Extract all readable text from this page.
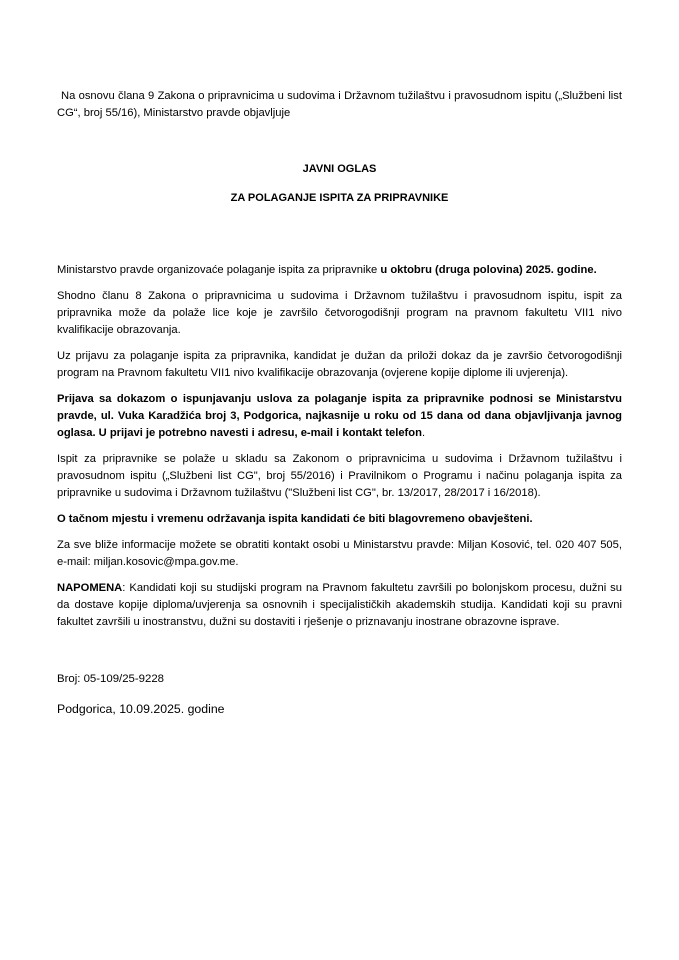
Na osnovu člana 9 Zakona o pripravnicima u sudovima i Državnom tužilaštvu i pravosudnom ispitu („Službeni list CG“, broj 55/16), Ministarstvo pravde objavljuje

JAVNI OGLAS

ZA POLAGANJE ISPITA ZA PRIPRAVNIKE

Ministarstvo pravde organizovaće polaganje ispita za pripravnike u oktobru (druga polovina) 2025. godine.

Shodno članu 8 Zakona o pripravnicima u sudovima i Državnom tužilaštvu i pravosudnom ispitu, ispit za pripravnika može da polaže lice koje je završilo četvorogodišnji program na pravnom fakultetu VII1 nivo kvalifikacije obrazovanja.

Uz prijavu za polaganje ispita za pripravnika, kandidat je dužan da priloži dokaz da je završio četvorogodišnji program na Pravnom fakultetu VII1 nivo kvalifikacije obrazovanja (ovjerene kopije diplome ili uvjerenja).

Prijava sa dokazom o ispunjavanju uslova za polaganje ispita za pripravnike podnosi se Ministarstvu pravde, ul. Vuka Karadžića broj 3, Podgorica, najkasnije u roku od 15 dana od dana objavljivanja javnog oglasa. U prijavi je potrebno navesti i adresu, e-mail i kontakt telefon.

Ispit za pripravnike se polaže u skladu sa Zakonom o pripravnicima u sudovima i Državnom tužilaštvu i pravosudnom ispitu („Službeni list CG", broj 55/2016) i Pravilnikom o Programu i načinu polaganja ispita za pripravnike u sudovima i Državnom tužilaštvu ("Službeni list CG", br. 13/2017, 28/2017 i 16/2018).

O tačnom mjestu i vremenu održavanja ispita kandidati će biti blagovremeno obavješteni.

Za sve bliže informacije možete se obratiti kontakt osobi u Ministarstvu pravde: Miljan Kosović, tel. 020 407 505, e-mail: miljan.kosovic@mpa.gov.me.

NAPOMENA: Kandidati koji su studijski program na Pravnom fakultetu završili po bolonjskom procesu, dužni su da dostave kopije diploma/uvjerenja sa osnovnih i specijalističkih akademskih studija. Kandidati koji su pravni fakultet završili u inostranstvu, dužni su dostaviti i rješenje o priznavanju inostrane obrazovne isprave.

Broj: 05-109/25-9228

Podgorica, 10.09.2025. godine
